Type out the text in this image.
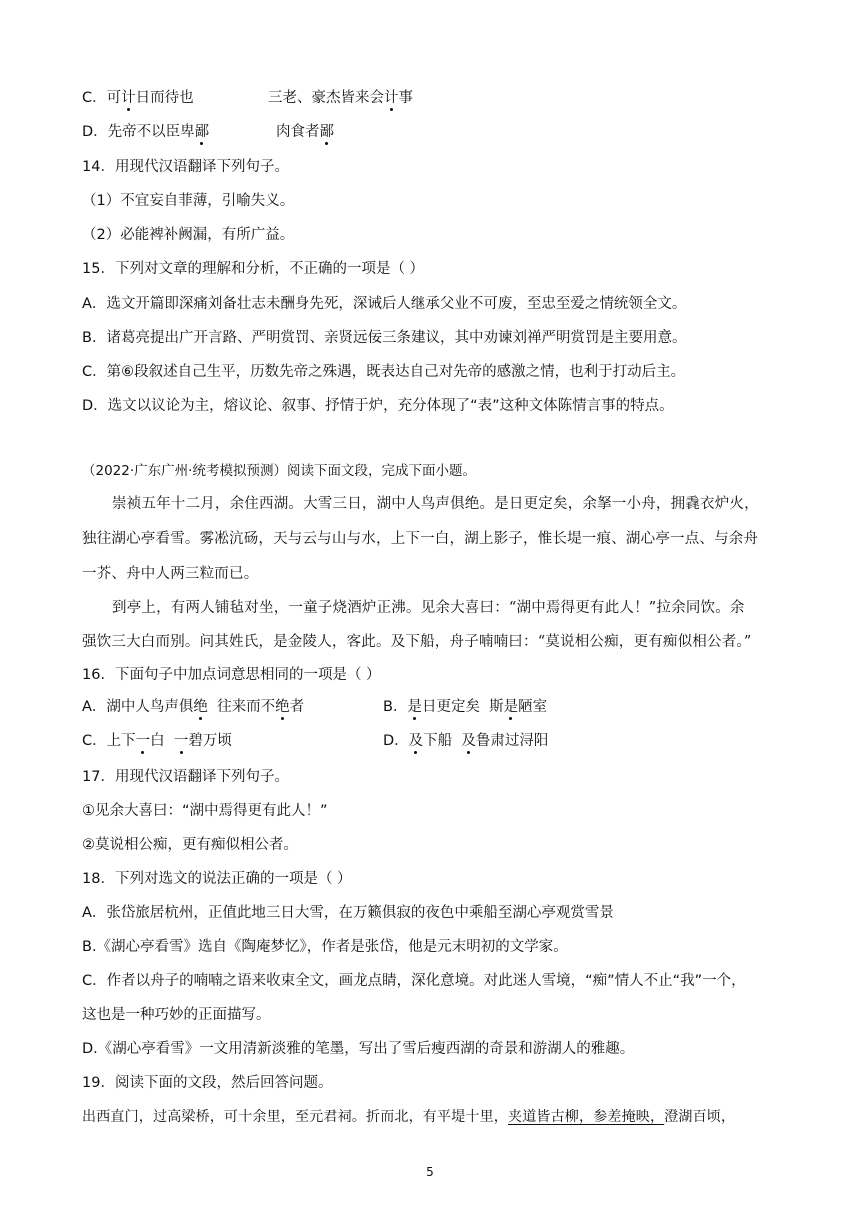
C．可计日而待也	三老、豪杰皆来会计事
D．先帝不以臣卑鄙	肉食者鄙
14．用现代汉语翻译下列句子。
（1）不宜妄自菲薄，引喻失义。
（2）必能裨补阙漏，有所广益。
15．下列对文章的理解和分析，不正确的一项是（ ）
A．选文开篇即深痛刘备壮志未酬身先死，深诫后人继承父业不可废，至忠至爱之情统领全文。
B．诸葛亮提出广开言路、严明赏罚、亲贤远佞三条建议，其中劝谏刘禅严明赏罚是主要用意。
C．第⑥段叙述自己生平，历数先帝之殊遇，既表达自己对先帝的感激之情，也利于打动后主。
D．选文以议论为主，熔议论、叙事、抒情于炉，充分体现了“表”这种文体陈情言事的特点。
（2022·广东广州·统考模拟预测）阅读下面文段，完成下面小题。
崇祯五年十二月，余住西湖。大雪三日，湖中人鸟声俱绝。是日更定矣，余拏一小舟，拥毳衣炉火，
独往湖心亭看雪。雾凇沆砀，天与云与山与水，上下一白，湖上影子，惟长堤一痕、湖心亭一点、与余舟
一芥、舟中人两三粒而已。
到亭上，有两人铺毡对坐，一童子烧酒炉正沸。见余大喜曰：“湖中焉得更有此人！”拉余同饮。余
强饮三大白而别。问其姓氏，是金陵人，客此。及下船，舟子喃喃曰：“莫说相公痴，更有痴似相公者。”
16．下面句子中加点词意思相同的一项是（ ）
A．湖中人鸟声俱绝  往来而不绝者	B．是日更定矣  斯是陋室
C．上下一白  一碧万顷	D．及下船  及鲁肃过浔阳
17．用现代汉语翻译下列句子。
①见余大喜曰：“湖中焉得更有此人！”
②莫说相公痴，更有痴似相公者。
18．下列对选文的说法正确的一项是（ ）
A．张岱旅居杭州，正值此地三日大雪，在万籁俱寂的夜色中乘船至湖心亭观赏雪景
B.《湖心亭看雪》选自《陶庵梦忆》，作者是张岱，他是元末明初的文学家。
C．作者以舟子的喃喃之语来收束全文，画龙点睛，深化意境。对此迷人雪境，“痴”情人不止“我”一个，
这也是一种巧妙的正面描写。
D.《湖心亭看雪》一文用清新淡雅的笔墨，写出了雪后瘦西湖的奇景和游湖人的雅趣。
19．阅读下面的文段，然后回答问题。
出西直门，过高梁桥，可十余里，至元君祠。折而北，有平堤十里，夹道皆古柳，参差掩映，澄湖百顷，
5
